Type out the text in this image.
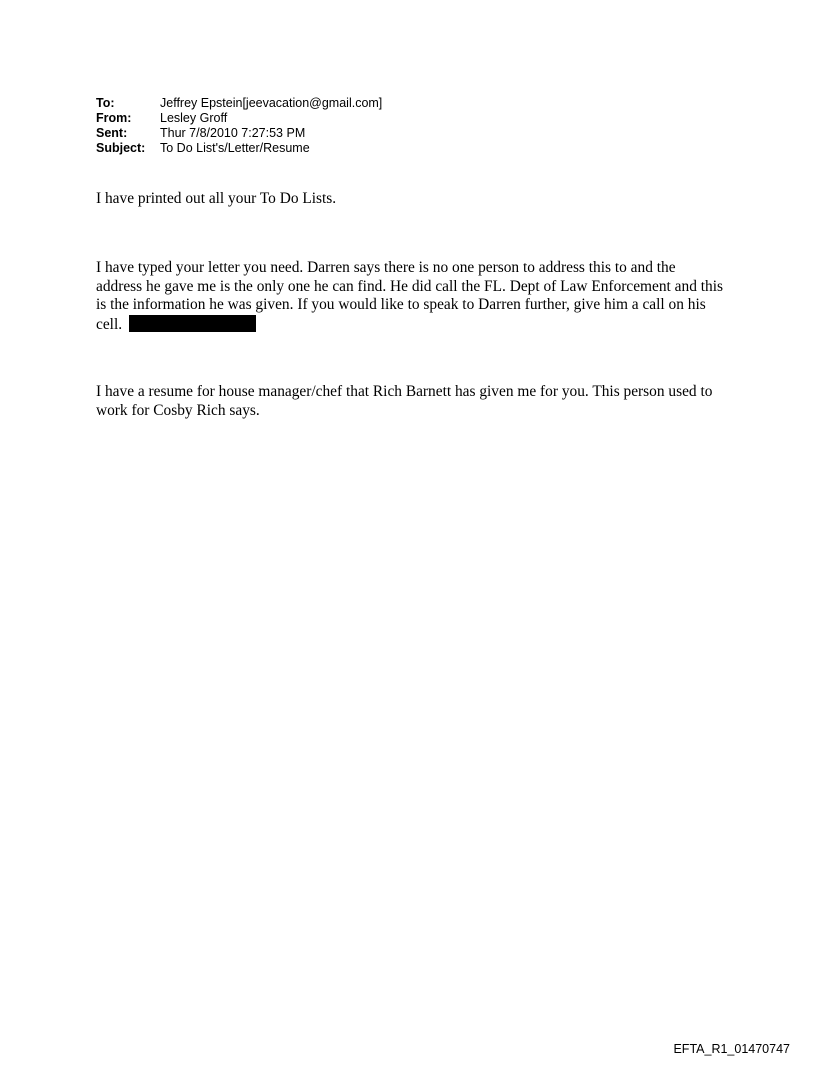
To:	Jeffrey Epstein[jeevacation@gmail.com]
From:	Lesley Groff
Sent:	Thur 7/8/2010 7:27:53 PM
Subject:	To Do List's/Letter/Resume
I have printed out all your To Do Lists.
I have typed your letter you need. Darren says there is no one person to address this to and the address he gave me is the only one he can find. He did call the FL. Dept of Law Enforcement and this is the information he was given. If you would like to speak to Darren further, give him a call on his cell.
I have a resume for house manager/chef that Rich Barnett has given me for you. This person used to work for Cosby Rich says.
EFTA_R1_01470747
